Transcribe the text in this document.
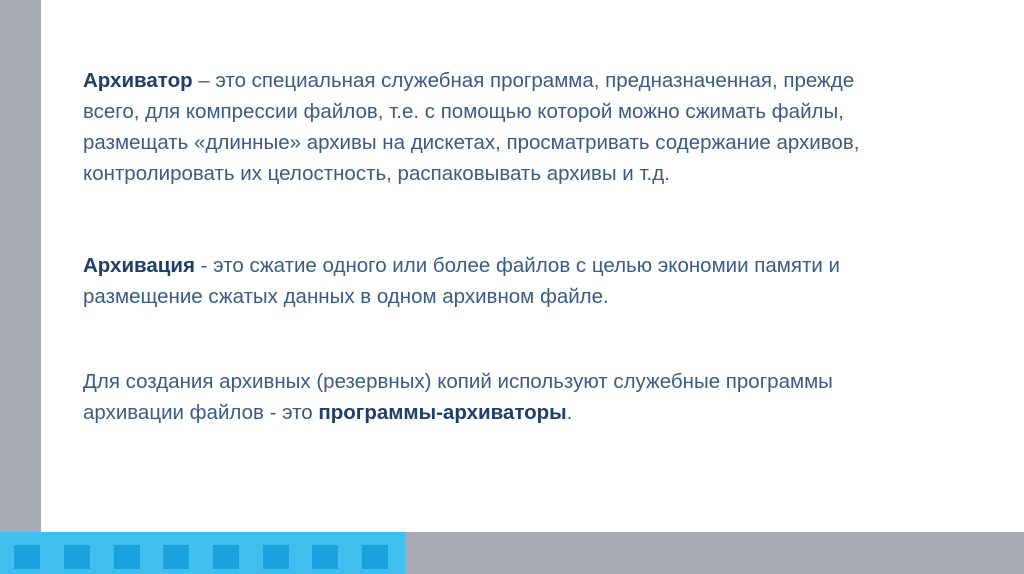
Архиватор – это специальная служебная программа, предназначенная, прежде
всего, для компрессии файлов, т.е. с помощью которой можно сжимать файлы,
размещать «длинные» архивы на дискетах, просматривать содержание архивов,
контролировать их целостность, распаковывать архивы и т.д.
Архивация - это сжатие одного или более файлов с целью экономии памяти и
размещение сжатых данных в одном архивном файле.
Для создания архивных (резервных) копий используют служебные программы
архивации файлов - это программы-архиваторы.
